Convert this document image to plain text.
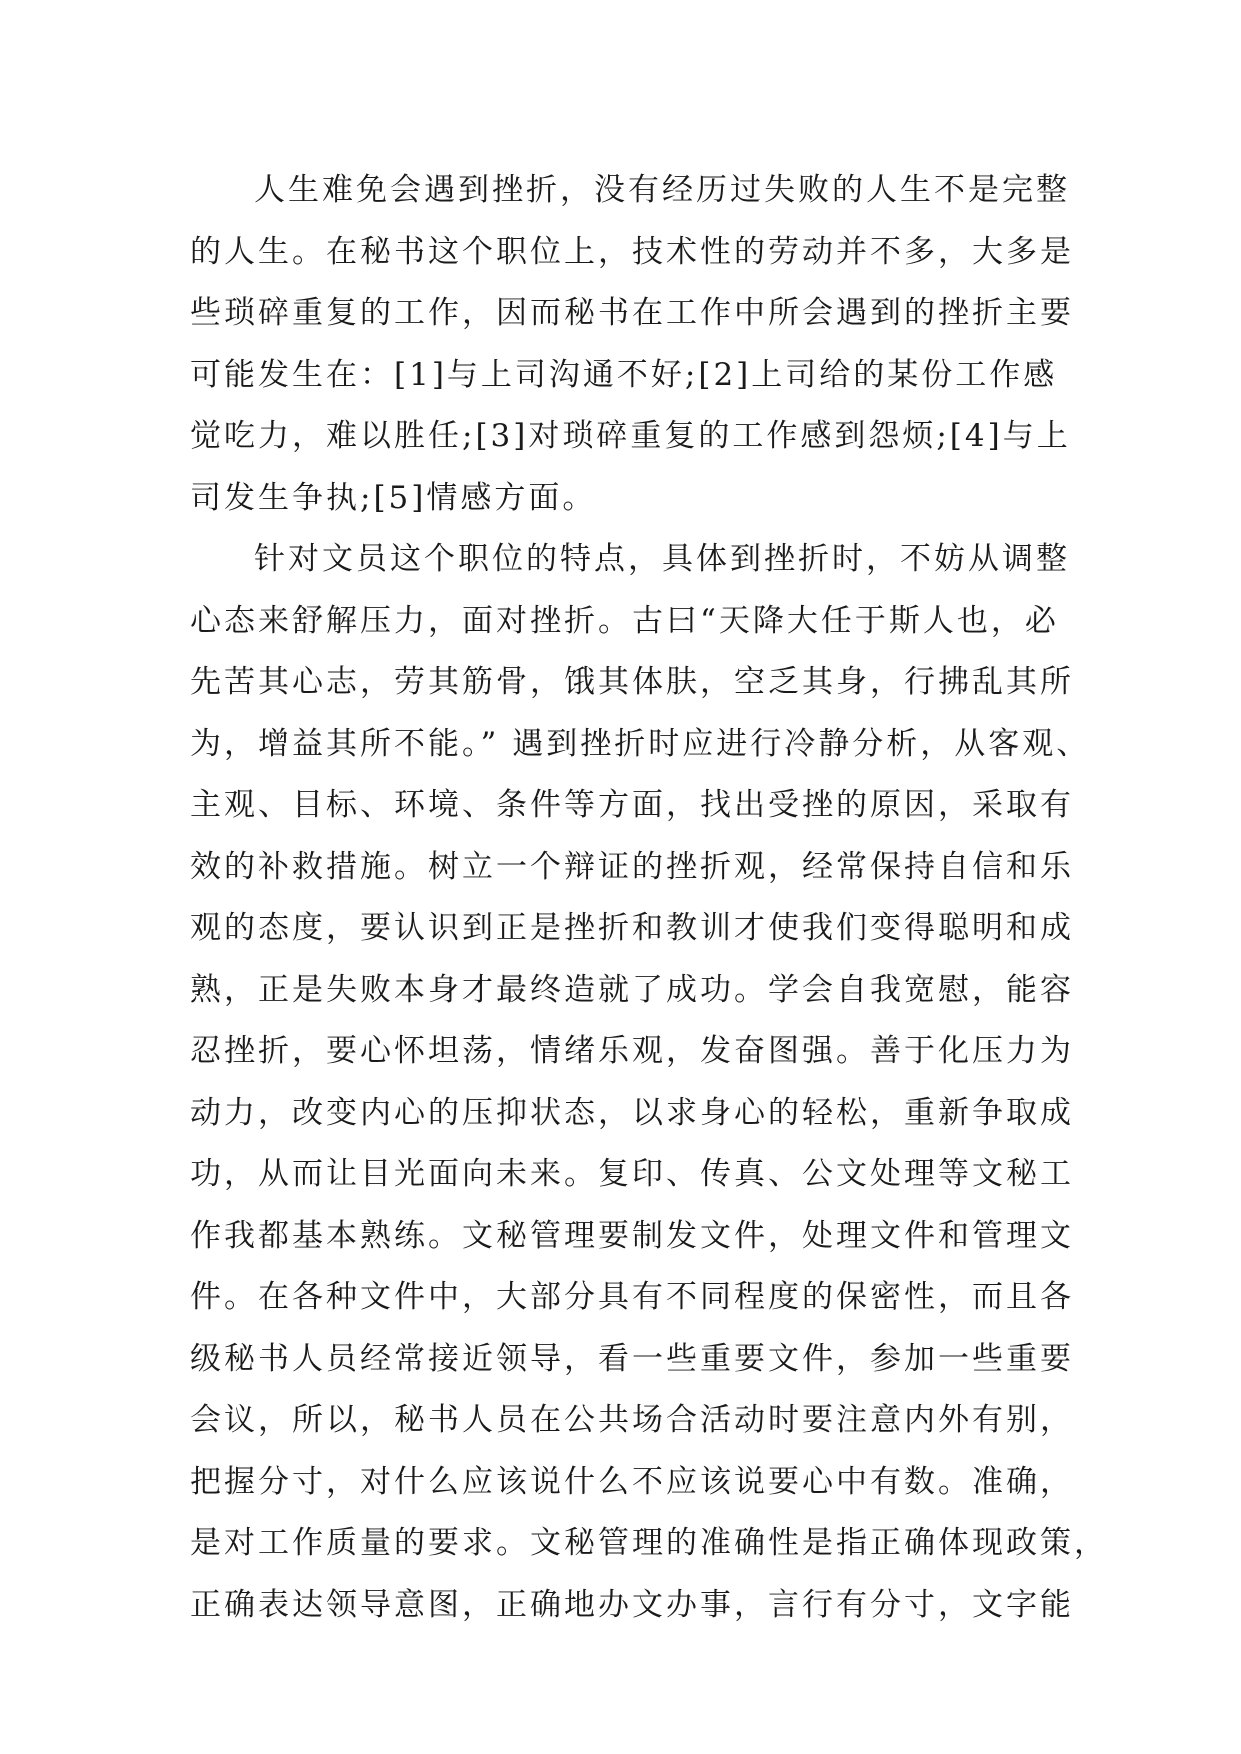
人生难免会遇到挫折，没有经历过失败的人生不是完整
的人生。在秘书这个职位上，技术性的劳动并不多，大多是
些琐碎重复的工作，因而秘书在工作中所会遇到的挫折主要
可能发生在：[1]与上司沟通不好;[2]上司给的某份工作感
觉吃力，难以胜任;[3]对琐碎重复的工作感到怨烦;[4]与上
司发生争执;[5]情感方面。
针对文员这个职位的特点，具体到挫折时，不妨从调整
心态来舒解压力，面对挫折。古曰“天降大任于斯人也，必
先苦其心志，劳其筋骨，饿其体肤，空乏其身，行拂乱其所
为，增益其所不能。” 遇到挫折时应进行冷静分析，从客观、
主观、目标、环境、条件等方面，找出受挫的原因，采取有
效的补救措施。树立一个辩证的挫折观，经常保持自信和乐
观的态度，要认识到正是挫折和教训才使我们变得聪明和成
熟，正是失败本身才最终造就了成功。学会自我宽慰，能容
忍挫折，要心怀坦荡，情绪乐观，发奋图强。善于化压力为
动力，改变内心的压抑状态，以求身心的轻松，重新争取成
功，从而让目光面向未来。复印、传真、公文处理等文秘工
作我都基本熟练。文秘管理要制发文件，处理文件和管理文
件。在各种文件中，大部分具有不同程度的保密性，而且各
级秘书人员经常接近领导，看一些重要文件，参加一些重要
会议，所以，秘书人员在公共场合活动时要注意内外有别，
把握分寸，对什么应该说什么不应该说要心中有数。准确，
是对工作质量的要求。文秘管理的准确性是指正确体现政策，
正确表达领导意图，正确地办文办事，言行有分寸，文字能
